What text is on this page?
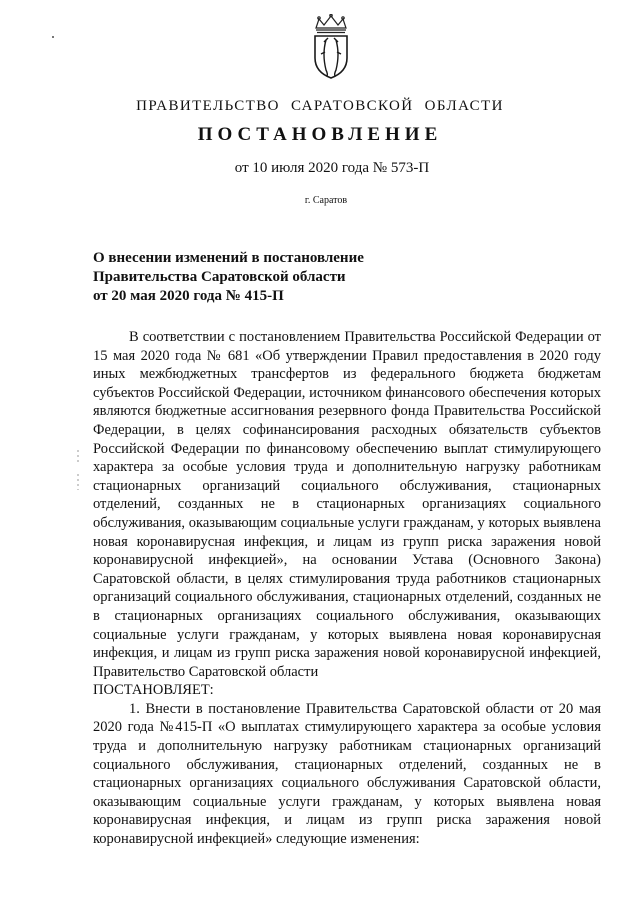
ПРАВИТЕЛЬСТВО САРАТОВСКОЙ ОБЛАСТИ
ПОСТАНОВЛЕНИЕ
от 10 июля 2020 года № 573-П
г. Саратов
О внесении изменений в постановление
Правительства Саратовской области
от 20 мая 2020 года № 415-П

В соответствии с постановлением Правительства Российской Федерации от 15 мая 2020 года № 681 «Об утверждении Правил предоставления в 2020 году иных межбюджетных трансфертов из федерального бюджета бюджетам субъектов Российской Федерации, источником финансового обеспечения которых являются бюджетные ассигнования резервного фонда Правительства Российской Федерации, в целях софинансирования расходных обязательств субъектов Российской Федерации по финансовому обеспечению выплат стимулирующего характера за особые условия труда и дополнительную нагрузку работникам стационарных организаций социального обслуживания, стационарных отделений, созданных не в стационарных организациях социального обслуживания, оказывающим социальные услуги гражданам, у которых выявлена новая коронавирусная инфекция, и лицам из групп риска заражения новой коронавирусной инфекцией», на основании Устава (Основного Закона) Саратовской области, в целях стимулирования труда работников стационарных организаций социального обслуживания, стационарных отделений, созданных не в стационарных организациях социального обслуживания, оказывающих социальные услуги гражданам, у которых выявлена новая коронавирусная инфекция, и лицам из групп риска заражения новой коронавирусной инфекцией, Правительство Саратовской области

ПОСТАНОВЛЯЕТ:

1. Внести в постановление Правительства Саратовской области от 20 мая 2020 года №415-П «О выплатах стимулирующего характера за особые условия труда и дополнительную нагрузку работникам стационарных организаций социального обслуживания, стационарных отделений, созданных не в стационарных организациях социального обслуживания Саратовской области, оказывающим социальные услуги гражданам, у которых выявлена новая коронавирусная инфекция, и лицам из групп риска заражения новой коронавирусной инфекцией» следующие изменения:
